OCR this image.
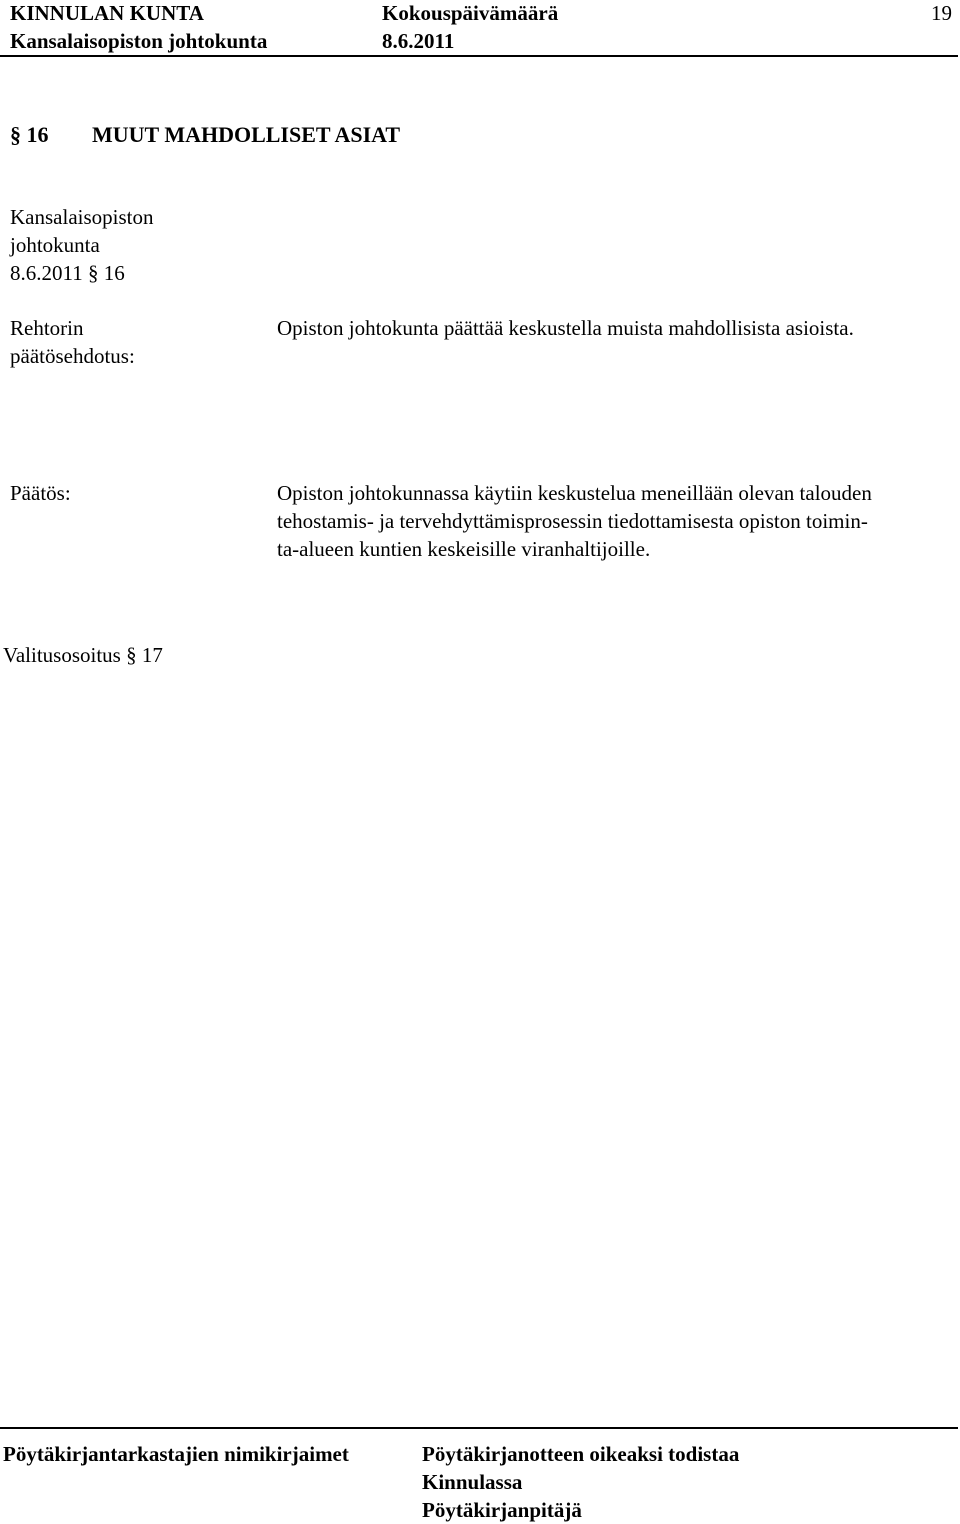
KINNULAN KUNTA	Kokouspäivämäärä	19
Kansalaisopiston johtokunta	8.6.2011
§ 16 MUUT MAHDOLLISET ASIAT
Kansalaisopiston
johtokunta
8.6.2011 § 16
Rehtorin
päätösehdotus:
Opiston johtokunta päättää keskustella muista mahdollisista asioista.
Päätös:	Opiston johtokunnassa käytiin keskustelua meneillään olevan talouden
tehostamis- ja tervehdyttämisprosessin tiedottamisesta opiston toimin-
ta-alueen kuntien keskeisille viranhaltijoille.
Valitusosoitus § 17
Pöytäkirjantarkastajien nimikirjaimet	Pöytäkirjanotteen oikeaksi todistaa
Kinnulassa
Pöytäkirjanpitäjä
